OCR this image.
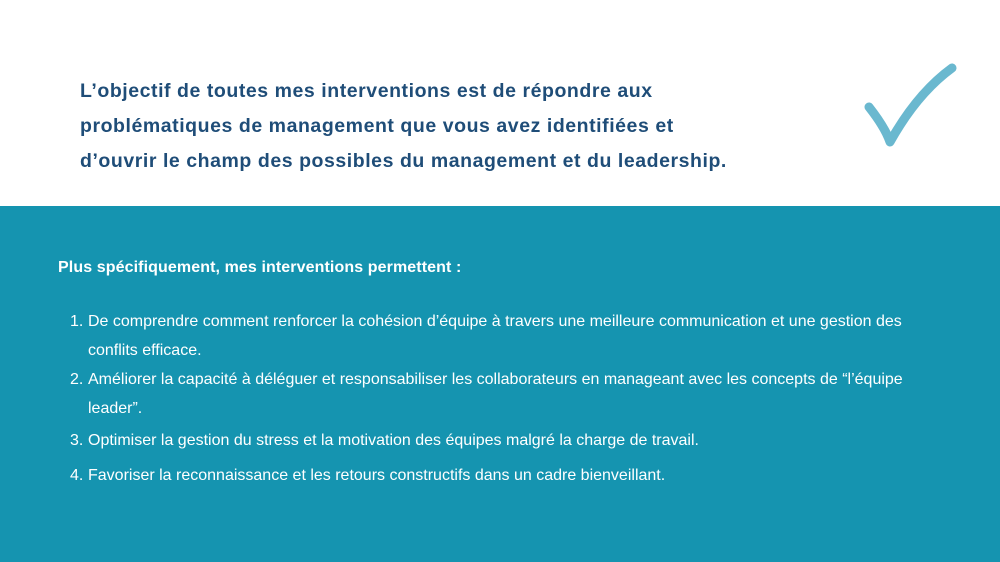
L’objectif de toutes mes interventions est de répondre aux
problématiques de management que vous avez identifiées et
d’ouvrir le champ des possibles du management et du leadership.

Plus spécifiquement, mes interventions permettent :
1. De comprendre comment renforcer la cohésion d’équipe à travers une meilleure communication et une gestion des conflits efficace.
2. Améliorer la capacité à déléguer et responsabiliser les collaborateurs en manageant avec les concepts de “l’équipe leader”.
3. Optimiser la gestion du stress et la motivation des équipes malgré la charge de travail.
4. Favoriser la reconnaissance et les retours constructifs dans un cadre bienveillant.
